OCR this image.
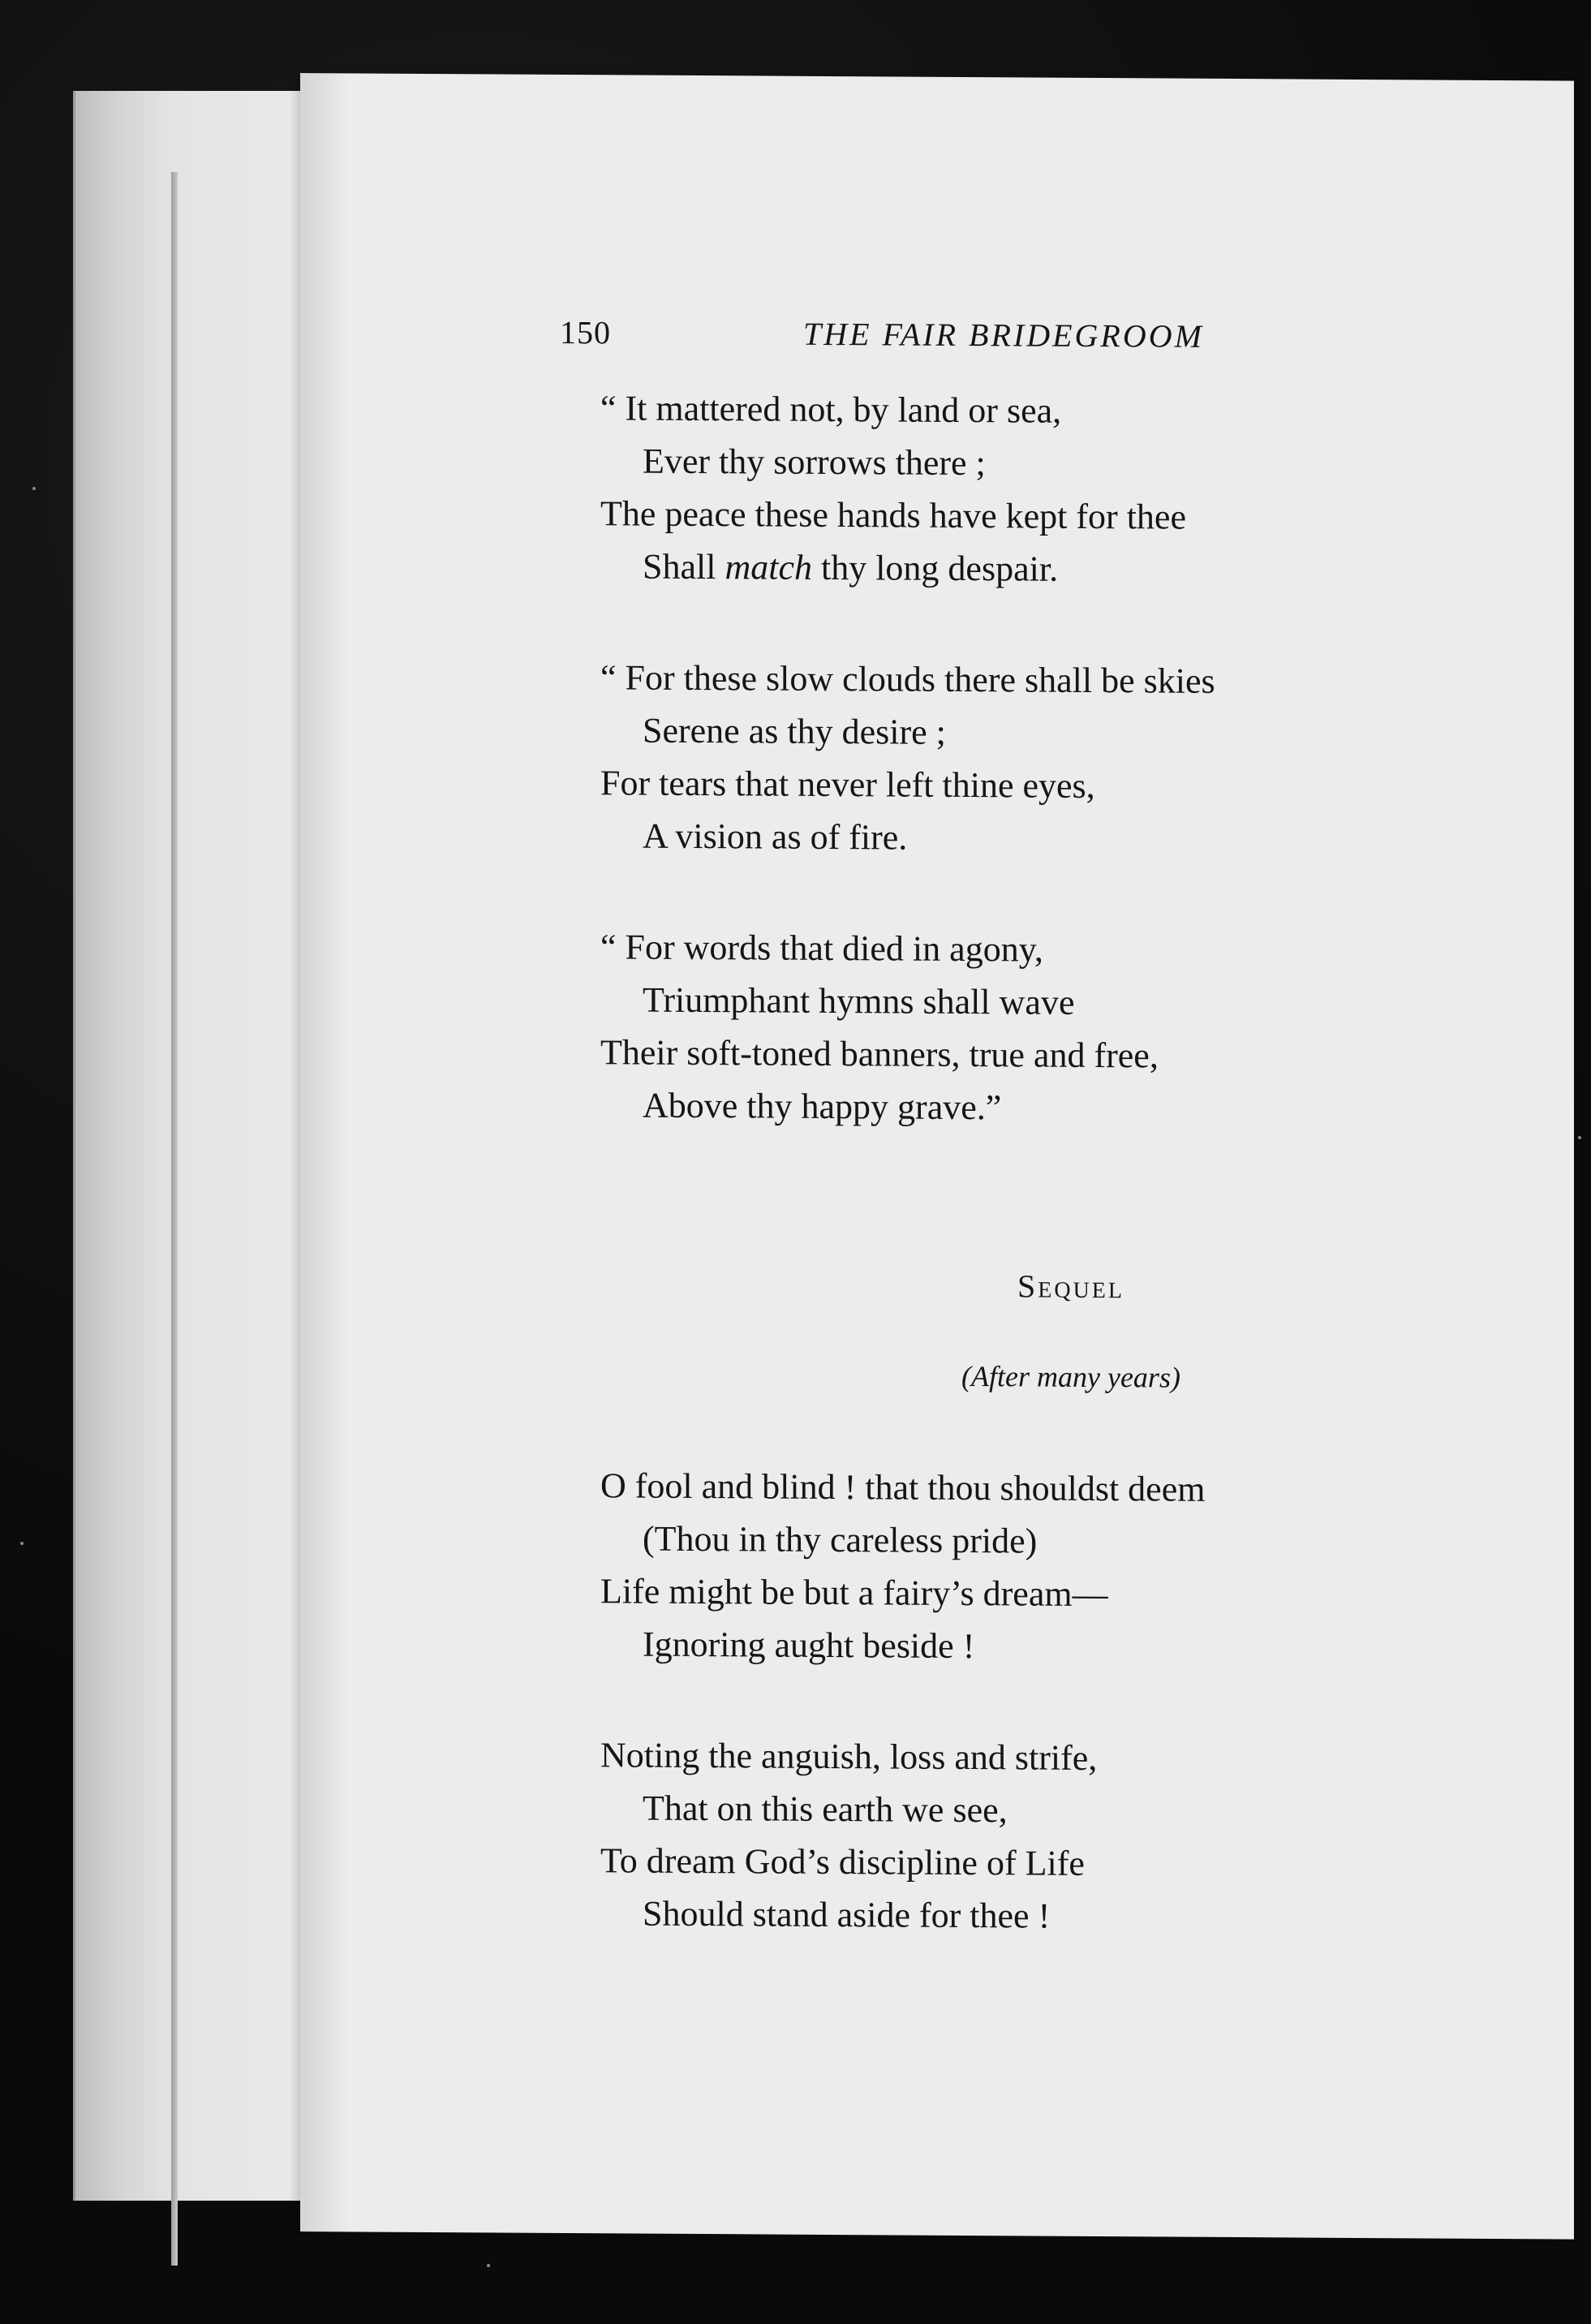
150	THE FAIR BRIDEGROOM
“ It mattered not, by land or sea,
Ever thy sorrows there ;
The peace these hands have kept for thee
Shall match thy long despair.
“ For these slow clouds there shall be skies
Serene as thy desire ;
For tears that never left thine eyes,
A vision as of fire.
“ For words that died in agony,
Triumphant hymns shall wave
Their soft-toned banners, true and free,
Above thy happy grave.”
Sequel
(After many years)
O fool and blind ! that thou shouldst deem
(Thou in thy careless pride)
Life might be but a fairy’s dream—
Ignoring aught beside !
Noting the anguish, loss and strife,
That on this earth we see,
To dream God’s discipline of Life
Should stand aside for thee !
